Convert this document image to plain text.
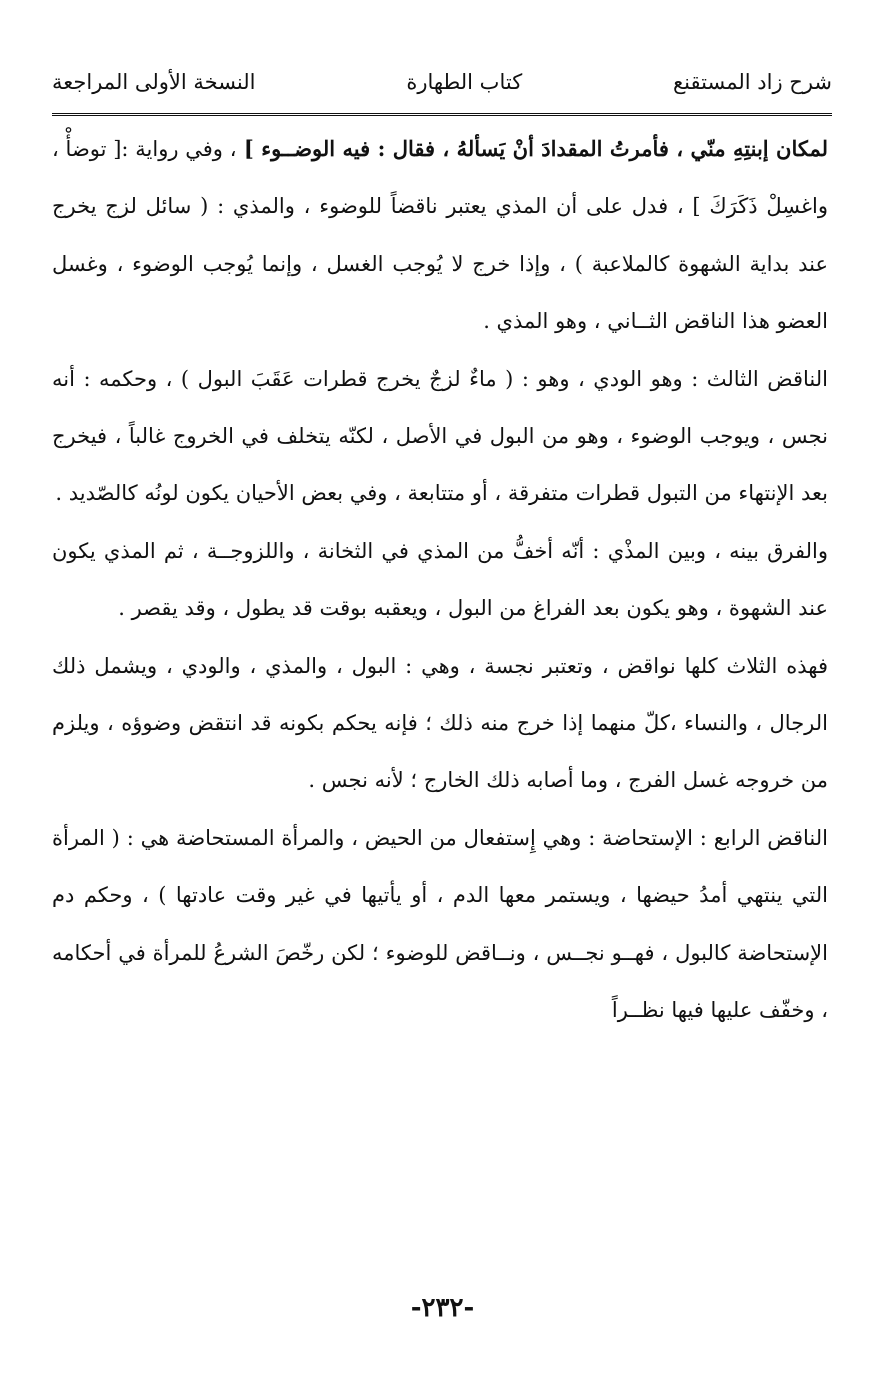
شرح زاد المستقنع
كتاب الطهارة
النسخة الأولى المراجعة

لمكان إبنتِهِ منّي ، فأمرتُ المقدادَ أنْ يَسألهُ ، فقال : فيه الوضــوء ] ، وفي رواية :[ توضأْ ، واغسِلْ ذَكَرَكَ ] ، فدل على أن المذي يعتبر ناقضاً للوضوء ، والمذي : ( سائل لزج يخرج عند بداية الشهوة كالملاعبة ) ، وإذا خرج لا يُوجب الغسل ، وإنما يُوجب الوضوء ، وغسل العضو هذا الناقض الثــاني ، وهو المذي .

الناقض الثالث : وهو الودي ، وهو : ( ماءٌ لزجٌ يخرج قطرات عَقَبَ البول ) ، وحكمه : أنه نجس ، ويوجب الوضوء ، وهو من البول في الأصل ، لكنّه يتخلف في الخروج غالباً ، فيخرج بعد الإنتهاء من التبول قطرات متفرقة ، أو متتابعة ، وفي بعض الأحيان يكون لونُه كالصّديد .

والفرق بينه ، وبين المذْي : أنّه أخفُّ من المذي في الثخانة ، واللزوجــة ، ثم المذي يكون عند الشهوة ، وهو يكون بعد الفراغ من البول ، ويعقبه بوقت قد يطول ، وقد يقصر .

فهذه الثلاث كلها نواقض ، وتعتبر نجسة ، وهي : البول ، والمذي ، والودي ، ويشمل ذلك الرجال ، والنساء ،كلّ منهما إذا خرج منه ذلك ؛ فإنه يحكم بكونه قد انتقض وضوؤه ، ويلزم من خروجه غسل الفرج ، وما أصابه ذلك الخارج ؛ لأنه نجس .

الناقض الرابع : الإستحاضة : وهي إِستفعال من الحيض ، والمرأة المستحاضة هي : ( المرأة التي ينتهي أمدُ حيضها ، ويستمر معها الدم ، أو يأتيها في غير وقت عادتها ) ، وحكم دم الإستحاضة كالبول ، فهــو نجــس ، ونــاقض للوضوء ؛ لكن رخّصَ الشرعُ للمرأة في أحكامه ، وخفّف عليها فيها نظــراً

-٢٣٢-
